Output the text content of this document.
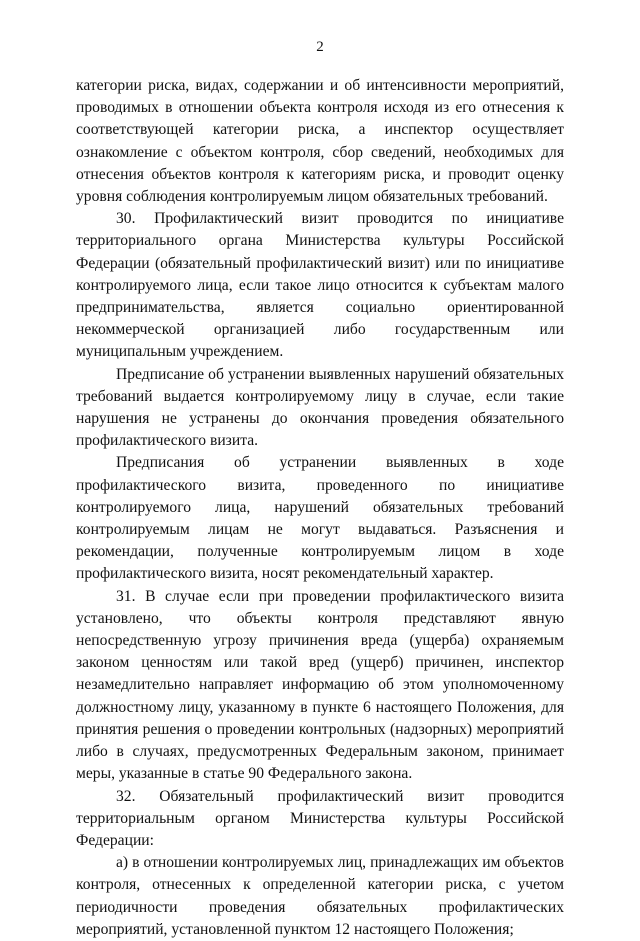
2

категории риска, видах, содержании и об интенсивности мероприятий, проводимых в отношении объекта контроля исходя из его отнесения к соответствующей категории риска, а инспектор осуществляет ознакомление с объектом контроля, сбор сведений, необходимых для отнесения объектов контроля к категориям риска, и проводит оценку уровня соблюдения контролируемым лицом обязательных требований.

30. Профилактический визит проводится по инициативе территориального органа Министерства культуры Российской Федерации (обязательный профилактический визит) или по инициативе контролируемого лица, если такое лицо относится к субъектам малого предпринимательства, является социально ориентированной некоммерческой организацией либо государственным или муниципальным учреждением.

Предписание об устранении выявленных нарушений обязательных требований выдается контролируемому лицу в случае, если такие нарушения не устранены до окончания проведения обязательного профилактического визита.

Предписания об устранении выявленных в ходе профилактического визита, проведенного по инициативе контролируемого лица, нарушений обязательных требований контролируемым лицам не могут выдаваться. Разъяснения и рекомендации, полученные контролируемым лицом в ходе профилактического визита, носят рекомендательный характер.

31. В случае если при проведении профилактического визита установлено, что объекты контроля представляют явную непосредственную угрозу причинения вреда (ущерба) охраняемым законом ценностям или такой вред (ущерб) причинен, инспектор незамедлительно направляет информацию об этом уполномоченному должностному лицу, указанному в пункте 6 настоящего Положения, для принятия решения о проведении контрольных (надзорных) мероприятий либо в случаях, предусмотренных Федеральным законом, принимает меры, указанные в статье 90 Федерального закона.

32. Обязательный профилактический визит проводится территориальным органом Министерства культуры Российской Федерации:

а) в отношении контролируемых лиц, принадлежащих им объектов контроля, отнесенных к определенной категории риска, с учетом периодичности проведения обязательных профилактических мероприятий, установленной пунктом 12 настоящего Положения;
